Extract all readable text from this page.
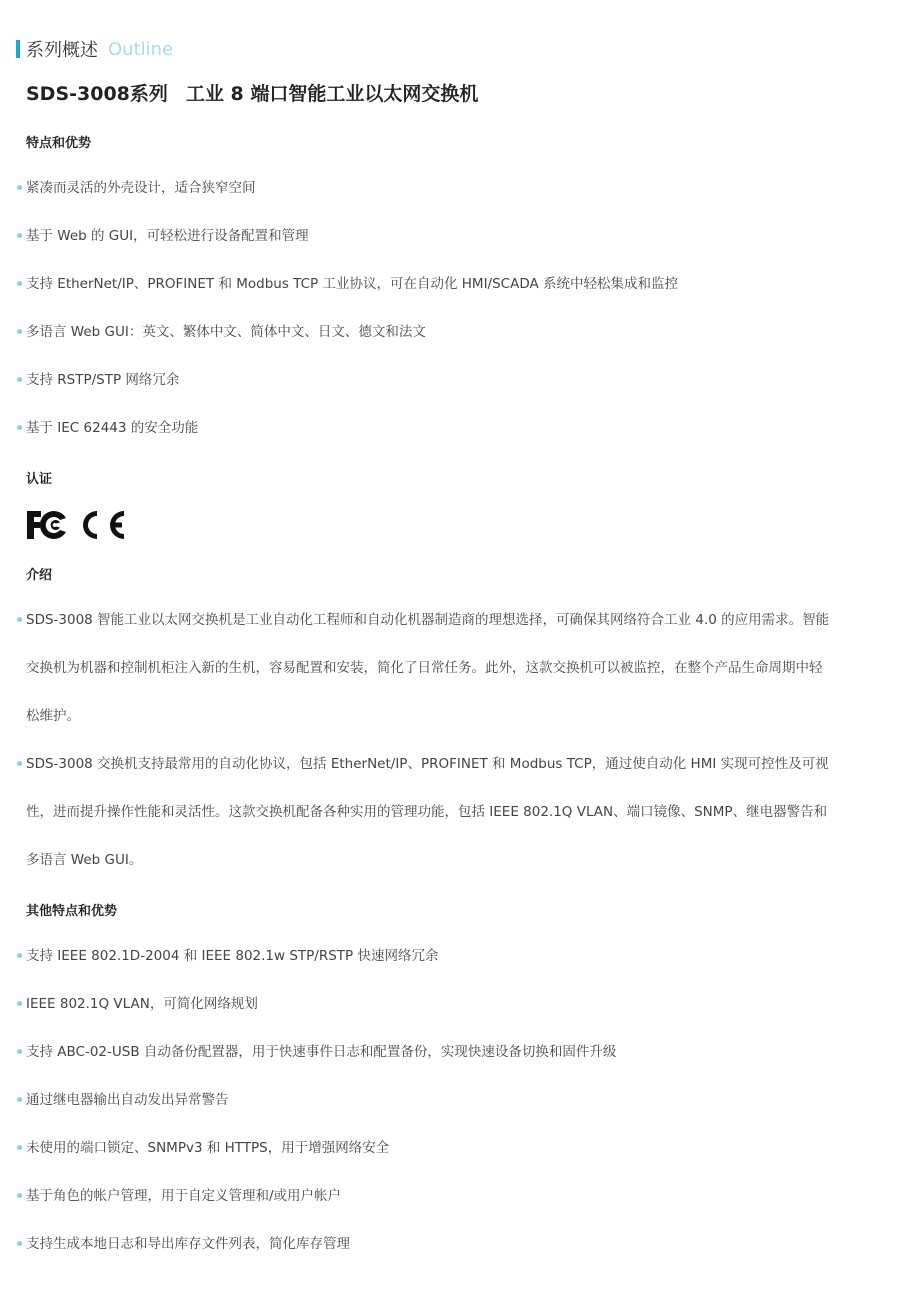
系列概述 Outline
SDS-3008系列 工业 8 端口智能工业以太网交换机
特点和优势
紧凑而灵活的外壳设计，适合狭窄空间
基于 Web 的 GUI，可轻松进行设备配置和管理
支持 EtherNet/IP、PROFINET 和 Modbus TCP 工业协议，可在自动化 HMI/SCADA 系统中轻松集成和监控
多语言 Web GUI：英文、繁体中文、简体中文、日文、德文和法文
支持 RSTP/STP 网络冗余
基于 IEC 62443 的安全功能
认证
介绍
SDS-3008 智能工业以太网交换机是工业自动化工程师和自动化机器制造商的理想选择，可确保其网络符合工业 4.0 的应用需求。智能
交换机为机器和控制机柜注入新的生机，容易配置和安装，简化了日常任务。此外，这款交换机可以被监控，在整个产品生命周期中轻
松维护。
SDS-3008 交换机支持最常用的自动化协议，包括 EtherNet/IP、PROFINET 和 Modbus TCP，通过使自动化 HMI 实现可控性及可视
性，进而提升操作性能和灵活性。这款交换机配备各种实用的管理功能，包括 IEEE 802.1Q VLAN、端口镜像、SNMP、继电器警告和
多语言 Web GUI。
其他特点和优势
支持 IEEE 802.1D-2004 和 IEEE 802.1w STP/RSTP 快速网络冗余
IEEE 802.1Q VLAN，可简化网络规划
支持 ABC-02-USB 自动备份配置器，用于快速事件日志和配置备份，实现快速设备切换和固件升级
通过继电器输出自动发出异常警告
未使用的端口锁定、SNMPv3 和 HTTPS，用于增强网络安全
基于角色的帐户管理，用于自定义管理和/或用户帐户
支持生成本地日志和导出库存文件列表，简化库存管理
